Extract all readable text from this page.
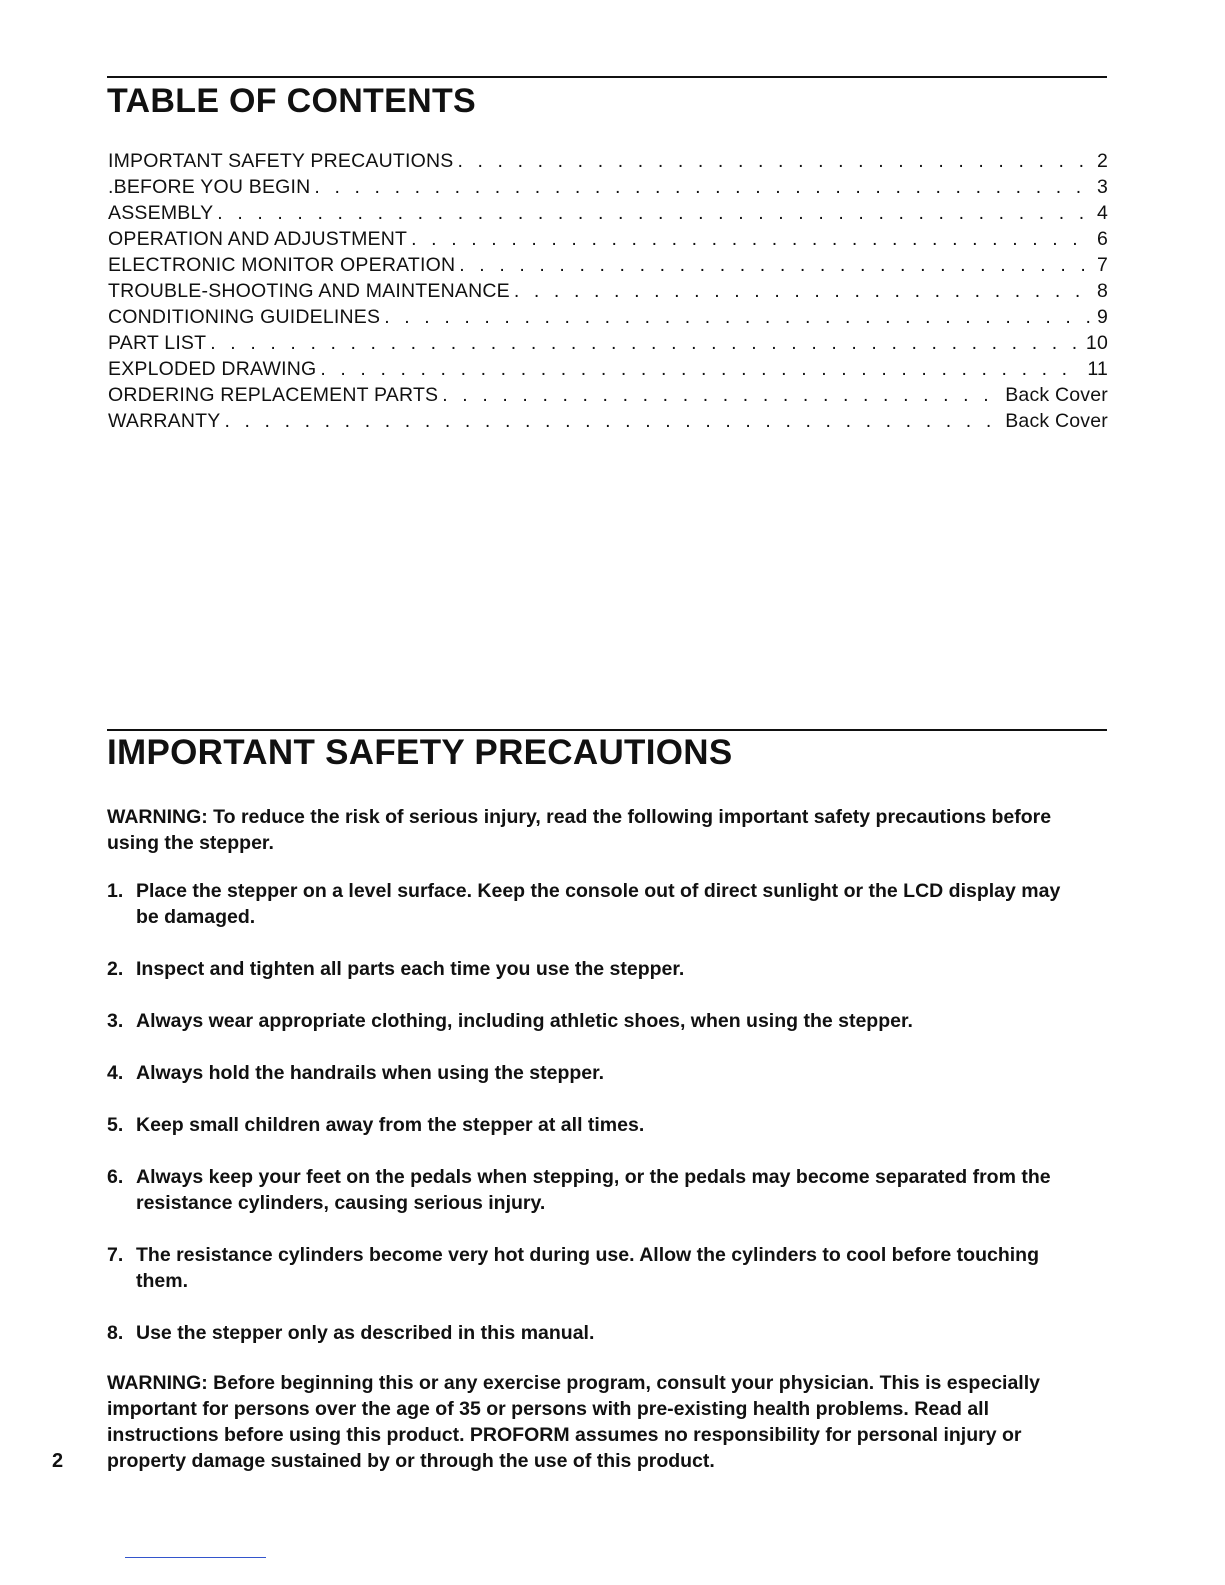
TABLE OF CONTENTS
IMPORTANT SAFETY PRECAUTIONS . . .	2
.BEFORE YOU BEGIN . . .	3
ASSEMBLY . . .	4
OPERATION AND ADJUSTMENT . . .	6
ELECTRONIC MONITOR OPERATION . . .	7
TROUBLE-SHOOTING AND MAINTENANCE . . .	8
CONDITIONING GUIDELINES . . .	9
PART LIST . . .	10
EXPLODED DRAWING . . .	11
ORDERING REPLACEMENT PARTS . . .	Back Cover
WARRANTY . . .	Back Cover
IMPORTANT SAFETY PRECAUTIONS

WARNING: To reduce the risk of serious injury, read the following important safety precautions before using the stepper.

1. Place the stepper on a level surface. Keep the console out of direct sunlight or the LCD display may be damaged.
2. Inspect and tighten all parts each time you use the stepper.
3. Always wear appropriate clothing, including athletic shoes, when using the stepper.
4. Always hold the handrails when using the stepper.
5. Keep small children away from the stepper at all times.
6. Always keep your feet on the pedals when stepping, or the pedals may become separated from the resistance cylinders, causing serious injury.
7. The resistance cylinders become very hot during use. Allow the cylinders to cool before touching them.
8. Use the stepper only as described in this manual.

WARNING: Before beginning this or any exercise program, consult your physician. This is especially important for persons over the age of 35 or persons with pre-existing health problems. Read all instructions before using this product. PROFORM assumes no responsibility for personal injury or property damage sustained by or through the use of this product.

2
